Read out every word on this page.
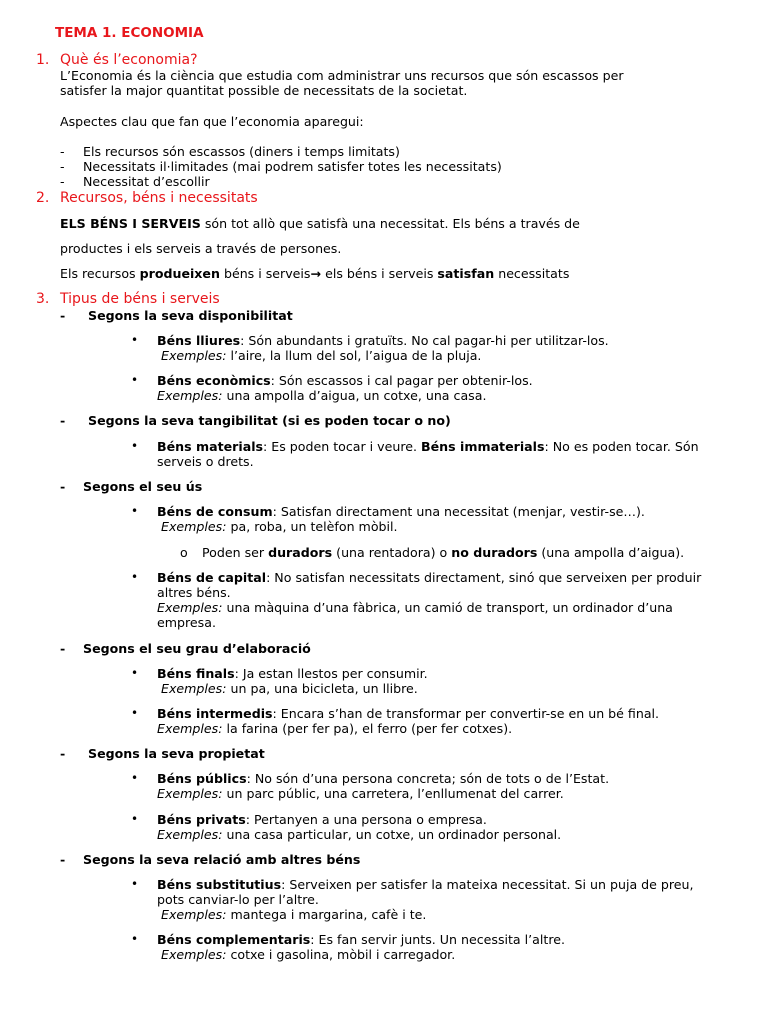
TEMA 1. ECONOMIA
1. Què és l’economia?
L’Economia és la ciència que estudia com administrar uns recursos que són escassos per
satisfer la major quantitat possible de necessitats de la societat.
Aspectes clau que fan que l’economia aparegui:
- Els recursos són escassos (diners i temps limitats)
- Necessitats il·limitades (mai podrem satisfer totes les necessitats)
- Necessitat d’escollir
2. Recursos, béns i necessitats
ELS BÉNS I SERVEIS són tot allò que satisfà una necessitat. Els béns a través de
productes i els serveis a través de persones.
Els recursos produeixen béns i serveis→ els béns i serveis satisfan necessitats
3. Tipus de béns i serveis
- Segons la seva disponibilitat
• Béns lliures: Són abundants i gratuïts. No cal pagar-hi per utilitzar-los.
Exemples: l’aire, la llum del sol, l’aigua de la pluja.
• Béns econòmics: Són escassos i cal pagar per obtenir-los.
Exemples: una ampolla d’aigua, un cotxe, una casa.
- Segons la seva tangibilitat (si es poden tocar o no)
• Béns materials: Es poden tocar i veure. Béns immaterials: No es poden tocar. Són
serveis o drets.
- Segons el seu ús
• Béns de consum: Satisfan directament una necessitat (menjar, vestir-se…).
Exemples: pa, roba, un telèfon mòbil.
o Poden ser duradors (una rentadora) o no duradors (una ampolla d’aigua).
• Béns de capital: No satisfan necessitats directament, sinó que serveixen per produir
altres béns.
Exemples: una màquina d’una fàbrica, un camió de transport, un ordinador d’una
empresa.
- Segons el seu grau d’elaboració
• Béns finals: Ja estan llestos per consumir.
Exemples: un pa, una bicicleta, un llibre.
• Béns intermedis: Encara s’han de transformar per convertir-se en un bé final.
Exemples: la farina (per fer pa), el ferro (per fer cotxes).
- Segons la seva propietat
• Béns públics: No són d’una persona concreta; són de tots o de l’Estat.
Exemples: un parc públic, una carretera, l’enllumenat del carrer.
• Béns privats: Pertanyen a una persona o empresa.
Exemples: una casa particular, un cotxe, un ordinador personal.
- Segons la seva relació amb altres béns
• Béns substitutius: Serveixen per satisfer la mateixa necessitat. Si un puja de preu,
pots canviar-lo per l’altre.
Exemples: mantega i margarina, cafè i te.
• Béns complementaris: Es fan servir junts. Un necessita l’altre.
Exemples: cotxe i gasolina, mòbil i carregador.
